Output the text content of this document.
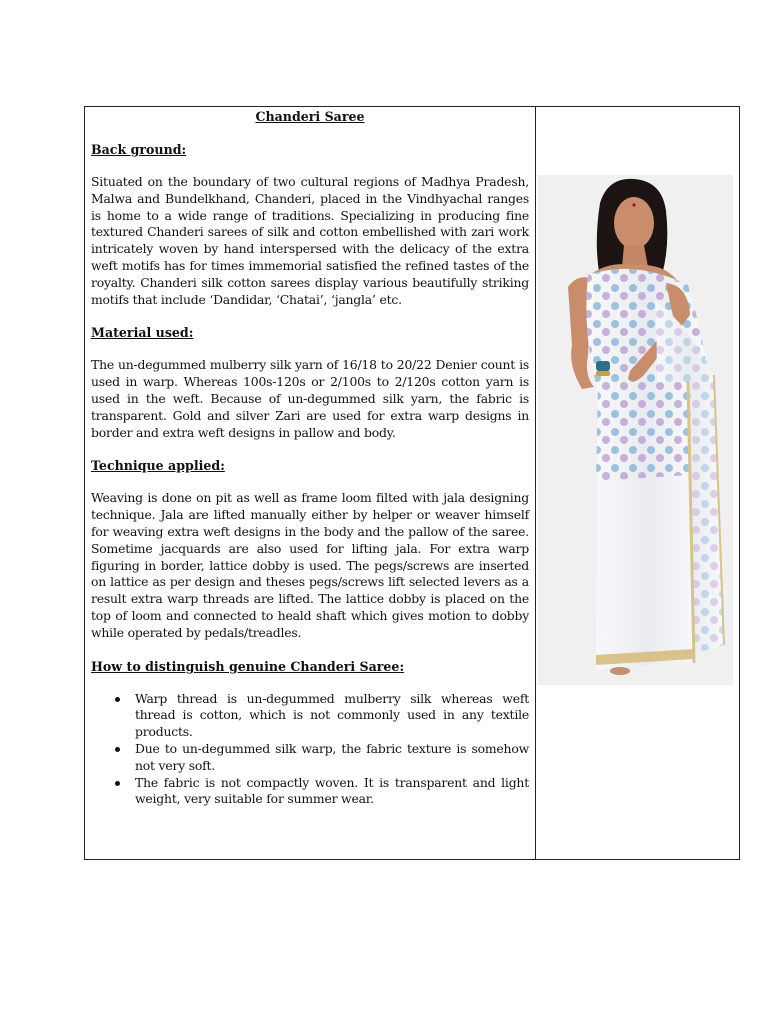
Chanderi Saree
Back ground:

Situated on the boundary of two cultural regions of Madhya Pradesh, Malwa and Bundelkhand, Chanderi, placed in the Vindhyachal ranges is home to a wide range of traditions. Specializing in producing fine textured Chanderi sarees of silk and cotton embellished with zari work intricately woven by hand interspersed with the delicacy of the extra weft motifs has for times immemorial satisfied the refined tastes of the royalty. Chanderi silk cotton sarees display various beautifully striking motifs that include ‘Dandidar, ‘Chatai’, ‘jangla’ etc.

Material used:

The un-degummed mulberry silk yarn of 16/18 to 20/22 Denier count is used in warp. Whereas 100s-120s or 2/100s to 2/120s cotton yarn is used in the weft. Because of un-degummed silk yarn, the fabric is transparent. Gold and silver Zari are used for extra warp designs in border and extra weft designs in pallow and body.

Technique applied:

Weaving is done on pit as well as frame loom filted with jala designing technique. Jala are lifted manually either by helper or weaver himself for weaving extra weft designs in the body and the pallow of the saree. Sometime jacquards are also used for lifting jala. For extra warp figuring in border, lattice dobby is used. The pegs/screws are inserted on lattice as per design and theses pegs/screws lift selected levers as a result extra warp threads are lifted. The lattice dobby is placed on the top of loom and connected to heald shaft which gives motion to dobby while operated by pedals/treadles.

How to distinguish genuine Chanderi Saree:
Warp thread is un-degummed mulberry silk whereas weft thread is cotton, which is not commonly used in any textile products.
Due to un-degummed silk warp, the fabric texture is somehow not very soft.
The fabric is not compactly woven. It is transparent and light weight, very suitable for summer wear.
